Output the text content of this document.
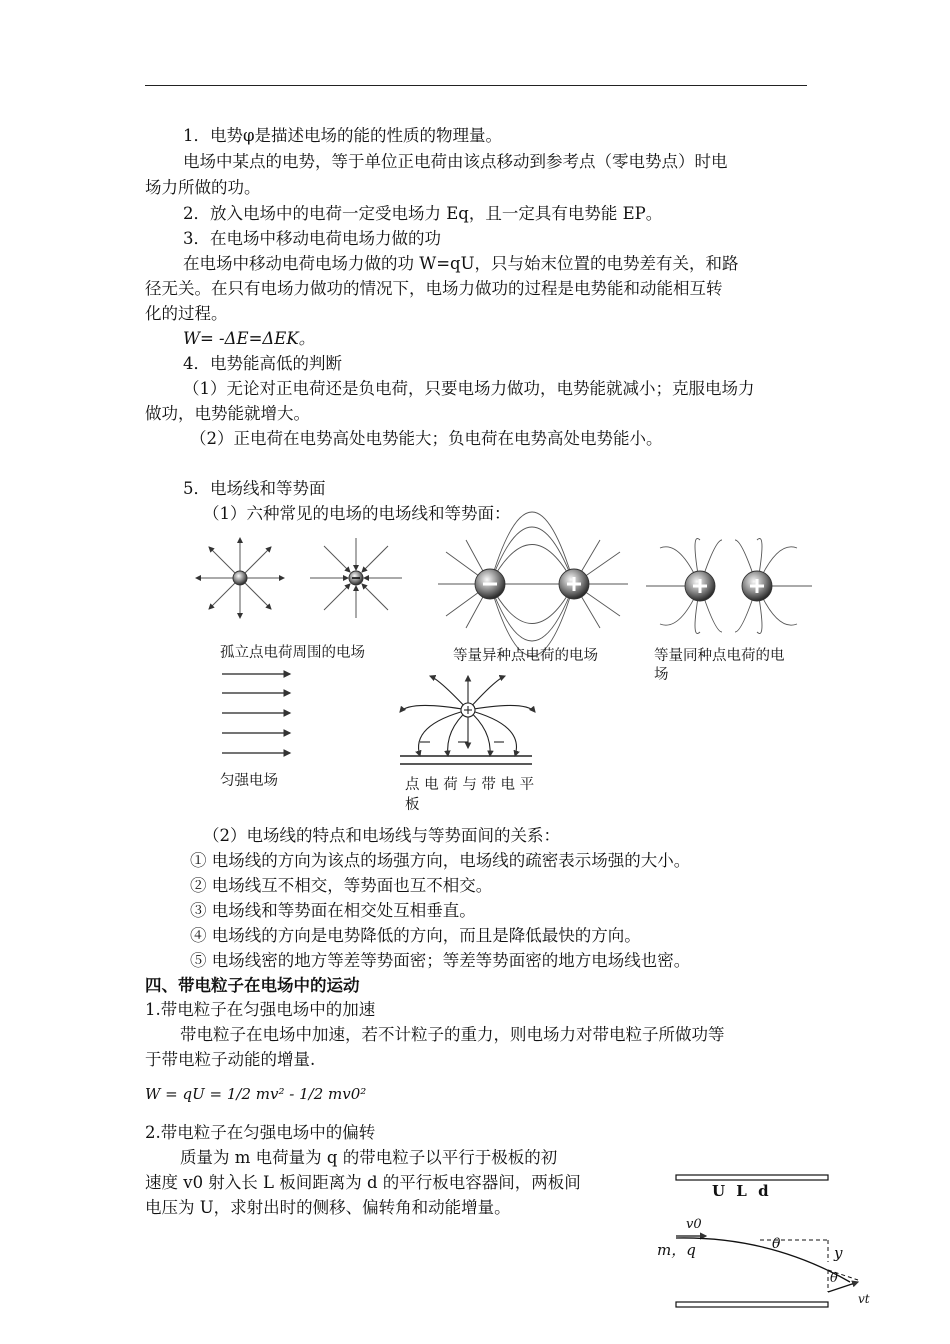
1．电势φ是描述电场的能的性质的物理量。
电场中某点的电势，等于单位正电荷由该点移动到参考点（零电势点）时电
场力所做的功。
2．放入电场中的电荷一定受电场力 Eq，且一定具有电势能 EP。
3．在电场中移动电荷电场力做的功
在电场中移动电荷电场力做的功 W=qU，只与始末位置的电势差有关，和路
径无关。在只有电场力做功的情况下，电场力做功的过程是电势能和动能相互转
化的过程。
W= -ΔE=ΔEK。
4．电势能高低的判断
（1）无论对正电荷还是负电荷，只要电场力做功，电势能就减小；克服电场力
做功，电势能就增大。
（2）正电荷在电势高处电势能大；负电荷在电势高处电势能小。
5．电场线和等势面
（1）六种常见的电场的电场线和等势面：
孤立点电荷周围的电场	等量异种点电荷的电场	等量同种点电荷的电
场
匀强电场	点 电 荷 与 带 电 平
板
（2）电场线的特点和电场线与等势面间的关系：
① 电场线的方向为该点的场强方向，电场线的疏密表示场强的大小。
② 电场线互不相交，等势面也互不相交。
③ 电场线和等势面在相交处互相垂直。
④ 电场线的方向是电势降低的方向，而且是降低最快的方向。
⑤ 电场线密的地方等差等势面密；等差等势面密的地方电场线也密。
四、带电粒子在电场中的运动
1.带电粒子在匀强电场中的加速
带电粒子在电场中加速，若不计粒子的重力，则电场力对带电粒子所做功等
于带电粒子动能的增量.
W = qU = 1/2 mv² - 1/2 mv0²
2.带电粒子在匀强电场中的偏转
质量为 m 电荷量为 q 的带电粒子以平行于极板的初
速度 v0 射入长 L 板间距离为 d 的平行板电容器间，两板间
电压为 U，求射出时的侧移、偏转角和动能增量。
U L d
v0
m，q	θ	y
θ
vt
